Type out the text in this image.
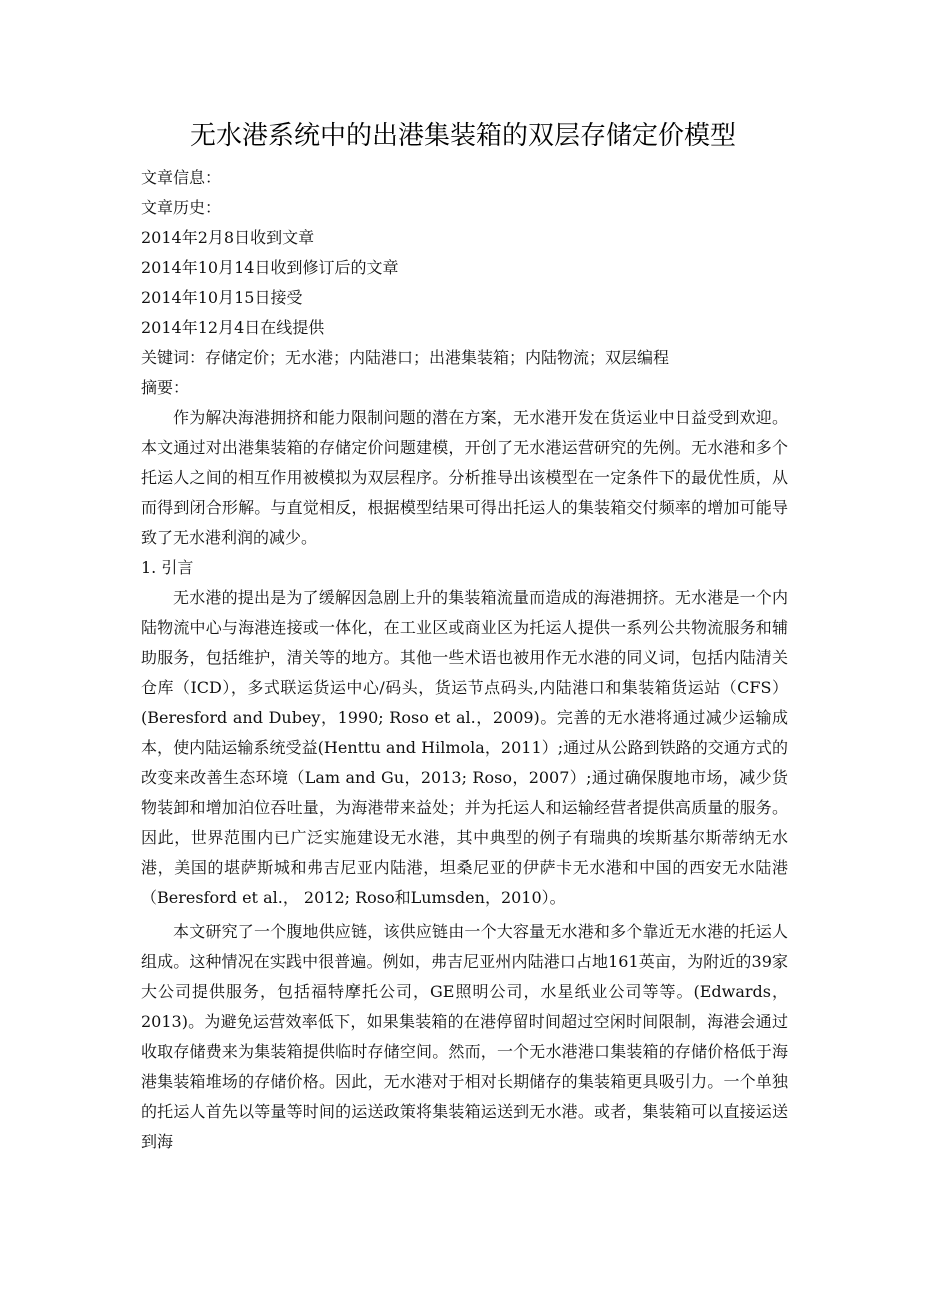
无水港系统中的出港集装箱的双层存储定价模型
文章信息：
文章历史：
2014年2月8日收到文章
2014年10月14日收到修订后的文章
2014年10月15日接受
2014年12月4日在线提供
关键词：存储定价；无水港；内陆港口；出港集装箱；内陆物流；双层编程
摘要：

作为解决海港拥挤和能力限制问题的潜在方案，无水港开发在货运业中日益受到欢迎。本文通过对出港集装箱的存储定价问题建模，开创了无水港运营研究的先例。无水港和多个托运人之间的相互作用被模拟为双层程序。分析推导出该模型在一定条件下的最优性质，从而得到闭合形解。与直觉相反，根据模型结果可得出托运人的集装箱交付频率的增加可能导致了无水港利润的减少。

1. 引言

无水港的提出是为了缓解因急剧上升的集装箱流量而造成的海港拥挤。无水港是一个内陆物流中心与海港连接或一体化，在工业区或商业区为托运人提供一系列公共物流服务和辅助服务，包括维护，清关等的地方。其他一些术语也被用作无水港的同义词，包括内陆清关仓库（ICD），多式联运货运中心/码头，货运节点码头,内陆港口和集装箱货运站（CFS）(Beresford and Dubey，1990; Roso et al.，2009)。完善的无水港将通过减少运输成本，使内陆运输系统受益(Henttu and Hilmola，2011）;通过从公路到铁路的交通方式的改变来改善生态环境（Lam and Gu，2013; Roso，2007）;通过确保腹地市场，减少货物装卸和增加泊位吞吐量，为海港带来益处；并为托运人和运输经营者提供高质量的服务。因此，世界范围内已广泛实施建设无水港，其中典型的例子有瑞典的埃斯基尔斯蒂纳无水港，美国的堪萨斯城和弗吉尼亚内陆港，坦桑尼亚的伊萨卡无水港和中国的西安无水陆港（Beresford et al.， 2012; Roso和Lumsden，2010）。

本文研究了一个腹地供应链，该供应链由一个大容量无水港和多个靠近无水港的托运人组成。这种情况在实践中很普遍。例如，弗吉尼亚州内陆港口占地161英亩，为附近的39家大公司提供服务，包括福特摩托公司，GE照明公司，水星纸业公司等等。(Edwards，2013)。为避免运营效率低下，如果集装箱的在港停留时间超过空闲时间限制，海港会通过收取存储费来为集装箱提供临时存储空间。然而，一个无水港港口集装箱的存储价格低于海港集装箱堆场的存储价格。因此，无水港对于相对长期储存的集装箱更具吸引力。一个单独的托运人首先以等量等时间的运送政策将集装箱运送到无水港。或者，集装箱可以直接运送到海
